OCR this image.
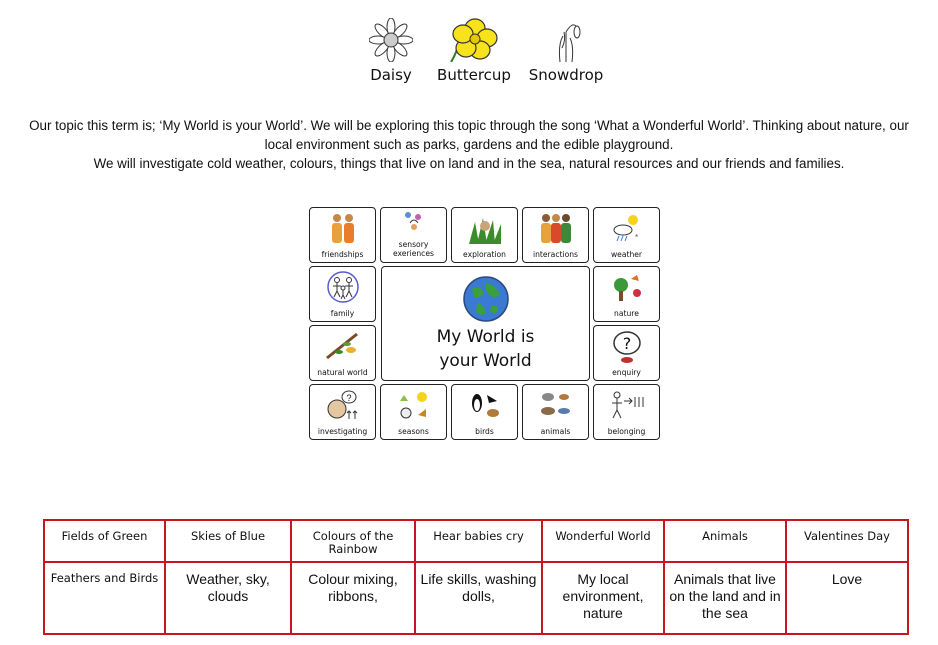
Daisy Buttercup	Snowdrop

Our topic this term is; ‘My World is your World’. We will be exploring this topic through the song ‘What a Wonderful World’. Thinking about nature, our local environment such as parks, gardens and the edible playground.

We will investigate cold weather, colours, things that live on land and in the sea, natural resources and our friends and families.

friendships
sensory exeriences	exploration	interactions
*
weather
family	nature
natural world
?
enquiry
My World is
your World
?
investigating	seasons	birds	animals	belonging
Fields of Green	Skies of Blue	Colours of the Rainbow	Hear babies cry	Wonderful World	Animals	Valentines Day
Feathers and Birds	Weather, sky, clouds	Colour mixing, ribbons,	Life skills, washing dolls,	My local environment, nature	Animals that live on the land and in the sea	Love
